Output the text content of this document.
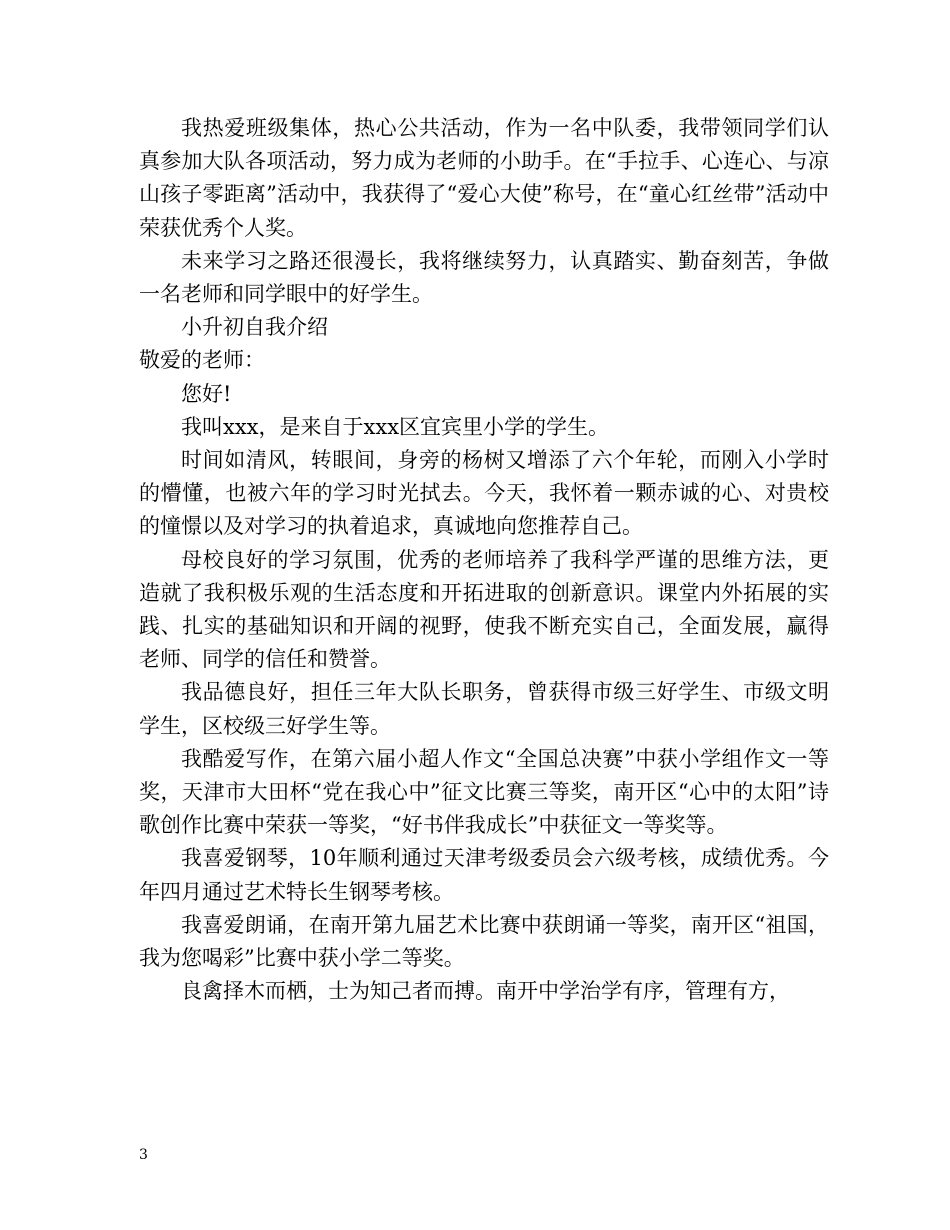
我热爱班级集体，热心公共活动，作为一名中队委，我带领同学们认真参加大队各项活动，努力成为老师的小助手。在“手拉手、心连心、与凉山孩子零距离”活动中，我获得了“爱心大使”称号，在“童心红丝带”活动中荣获优秀个人奖。

未来学习之路还很漫长，我将继续努力，认真踏实、勤奋刻苦，争做一名老师和同学眼中的好学生。

小升初自我介绍

敬爱的老师：

您好!

我叫xxx，是来自于xxx区宜宾里小学的学生。

时间如清风，转眼间，身旁的杨树又增添了六个年轮，而刚入小学时的懵懂，也被六年的学习时光拭去。今天，我怀着一颗赤诚的心、对贵校的憧憬以及对学习的执着追求，真诚地向您推荐自己。

母校良好的学习氛围，优秀的老师培养了我科学严谨的思维方法，更造就了我积极乐观的生活态度和开拓进取的创新意识。课堂内外拓展的实践、扎实的基础知识和开阔的视野，使我不断充实自己，全面发展，赢得老师、同学的信任和赞誉。

我品德良好，担任三年大队长职务，曾获得市级三好学生、市级文明学生，区校级三好学生等。

我酷爱写作，在第六届小超人作文“全国总决赛”中获小学组作文一等奖，天津市大田杯“党在我心中”征文比赛三等奖，南开区“心中的太阳”诗歌创作比赛中荣获一等奖，“好书伴我成长”中获征文一等奖等。

我喜爱钢琴，10年顺利通过天津考级委员会六级考核，成绩优秀。今年四月通过艺术特长生钢琴考核。

我喜爱朗诵，在南开第九届艺术比赛中获朗诵一等奖，南开区“祖国，我为您喝彩”比赛中获小学二等奖。

良禽择木而栖，士为知己者而搏。南开中学治学有序，管理有方，

3
